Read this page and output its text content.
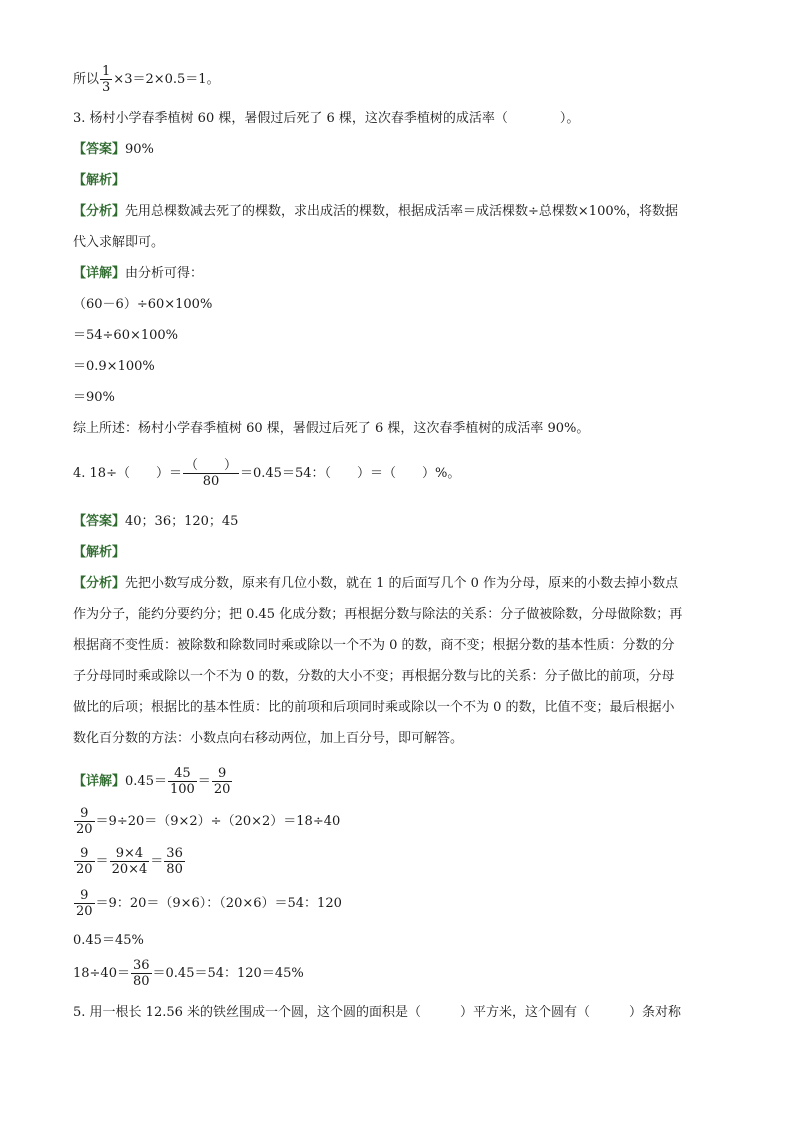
所以 $\frac{1}{3} \times 3=2\times 0.5=1$。
3. 杨村小学春季植树 60 棵，暑假过后死了 6 棵，这次春季植树的成活率（　　　　）。
【答案】90%
【解析】
【分析】先用总棵数减去死了的棵数，求出成活的棵数，根据成活率＝成活棵数÷总棵数×100%，将数据
代入求解即可。
【详解】由分析可得：
（60－6）÷60×100%
＝54÷60×100%
＝0.9×100%
＝90%
综上所述：杨村小学春季植树 60 棵，暑假过后死了 6 棵，这次春季植树的成活率 90%。
4. 18÷（　　）＝ $\frac{( )}{80} =0.45=54$：（　　）＝（　　）%。
【答案】40；36；120；45
【解析】
【分析】先把小数写成分数，原来有几位小数，就在 1 的后面写几个 0 作为分母，原来的小数去掉小数点
作为分子，能约分要约分；把 0.45 化成分数；再根据分数与除法的关系：分子做被除数，分母做除数；再
根据商不变性质：被除数和除数同时乘或除以一个不为 0 的数，商不变；根据分数的基本性质：分数的分
子分母同时乘或除以一个不为 0 的数，分数的大小不变；再根据分数与比的关系：分子做比的前项，分母
做比的后项；根据比的基本性质：比的前项和后项同时乘或除以一个不为 0 的数，比值不变；最后根据小
数化百分数的方法：小数点向右移动两位，加上百分号，即可解答。
【详解】$0.45= \frac{45}{100} = \frac{9}{20}$
$\frac{9}{20} =9\div 20=(9\times 2)\div(20\times 2)=18\div 40$
$\frac{9}{20} = \frac{9\times 4}{20\times 4} = \frac{36}{80}$
$\frac{9}{20} =9$：20＝（9×6）：（20×6）＝54：120
0.45＝45%
$18\div 40= \frac{36}{80} =0.45=54$：120＝45%
5. 用一根长 12.56 米的铁丝围成一个圆，这个圆的面积是（　　　）平方米，这个圆有（　　　）条对称
